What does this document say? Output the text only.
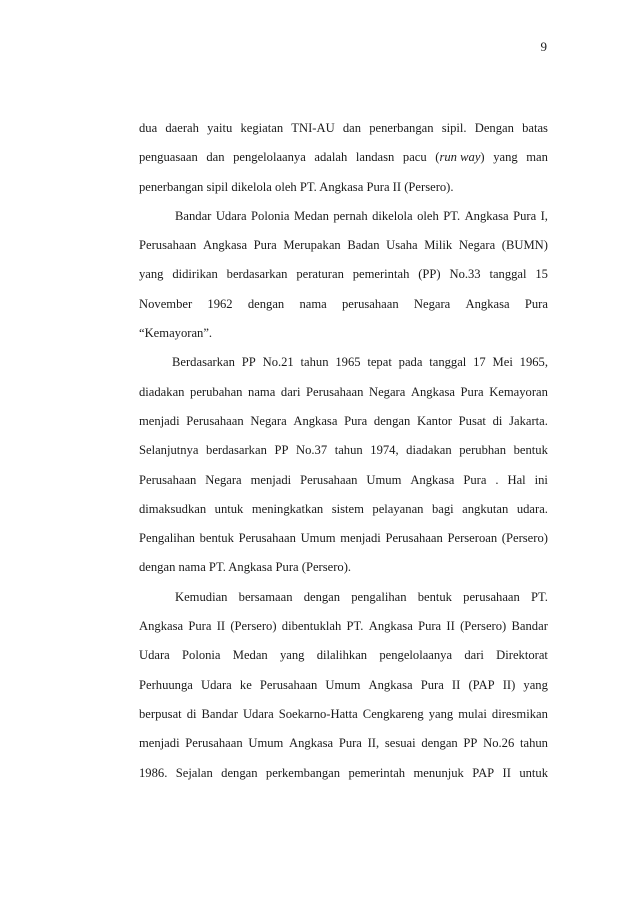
9
dua daerah yaitu kegiatan TNI-AU dan penerbangan sipil. Dengan batas
penguasaan dan pengelolaanya adalah landasn pacu (run way) yang man
penerbangan sipil dikelola oleh PT. Angkasa Pura II (Persero).
Bandar Udara Polonia Medan pernah dikelola oleh PT. Angkasa Pura I,
Perusahaan Angkasa Pura Merupakan Badan Usaha Milik Negara (BUMN)
yang didirikan berdasarkan peraturan pemerintah (PP) No.33 tanggal 15
November 1962 dengan nama perusahaan Negara Angkasa Pura
“Kemayoran”.
Berdasarkan PP No.21 tahun 1965 tepat pada tanggal 17 Mei 1965,
diadakan perubahan nama dari Perusahaan Negara Angkasa Pura Kemayoran
menjadi Perusahaan Negara Angkasa Pura dengan Kantor Pusat di Jakarta.
Selanjutnya berdasarkan PP No.37 tahun 1974, diadakan perubhan bentuk
Perusahaan Negara menjadi Perusahaan Umum Angkasa Pura . Hal ini
dimaksudkan untuk meningkatkan sistem pelayanan bagi angkutan udara.
Pengalihan bentuk Perusahaan Umum menjadi Perusahaan Perseroan (Persero)
dengan nama PT. Angkasa Pura (Persero).
Kemudian bersamaan dengan pengalihan bentuk perusahaan PT.
Angkasa Pura II (Persero) dibentuklah PT. Angkasa Pura II (Persero) Bandar
Udara Polonia Medan yang dilalihkan pengelolaanya dari Direktorat
Perhuunga Udara ke Perusahaan Umum Angkasa Pura II (PAP II) yang
berpusat di Bandar Udara Soekarno-Hatta Cengkareng yang mulai diresmikan
menjadi Perusahaan Umum Angkasa Pura II, sesuai dengan PP No.26 tahun
1986. Sejalan dengan perkembangan pemerintah menunjuk PAP II untuk
